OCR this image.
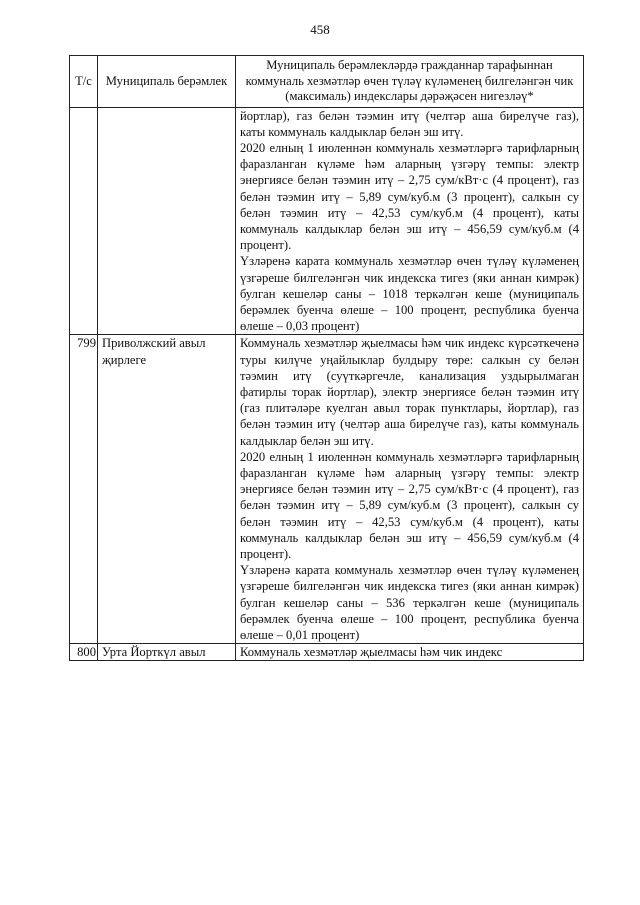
458
Т/с	Муниципаль берәмлек	Муниципаль берәмлекләрдә гражданнар тарафыннан коммуналь хезмәтләр өчен түләү күләменең билгеләнгән чик (максималь) индекслары дәрәҗәсен нигезләү*

		йортлар), газ белән тәэмин итү (челтәр аша бирелүче газ), каты коммуналь калдыклар белән эш итү.

2020 елның 1 июленнән коммуналь хезмәтләргә тарифларның фаразланган күләме һәм аларның үзгәрү темпы: электр энергиясе белән тәэмин итү – 2,75 сум/кВт·с (4 процент), газ белән тәэмин итү – 5,89 сум/куб.м (3 процент), салкын су белән тәэмин итү – 42,53 сум/куб.м (4 процент), каты коммуналь калдыклар белән эш итү – 456,59 сум/куб.м (4 процент).

Үзләренә карата коммуналь хезмәтләр өчен түләү күләменең үзгәреше билгеләнгән чик индекска тигез (яки аннан кимрәк) булган кешеләр саны – 1018 теркәлгән кеше (муниципаль берәмлек буенча өлеше – 100 процент, республика буенча өлеше – 0,03 процент)

799	Приволжский авыл җирлеге	Коммуналь хезмәтләр җыелмасы һәм чик индекс күрсәткеченә туры килүче уңайлыклар булдыру төре: салкын су белән тәэмин итү (суүткәргечле, канализация уздырылмаган фатирлы торак йортлар), электр энергиясе белән тәэмин итү (газ плитәләре куелган авыл торак пунктлары, йортлар), газ белән тәэмин итү (челтәр аша бирелүче газ), каты коммуналь калдыклар белән эш итү.

2020 елның 1 июленнән коммуналь хезмәтләргә тарифларның фаразланган күләме һәм аларның үзгәрү темпы: электр энергиясе белән тәэмин итү – 2,75 сум/кВт·с (4 процент), газ белән тәэмин итү – 5,89 сум/куб.м (3 процент), салкын су белән тәэмин итү – 42,53 сум/куб.м (4 процент), каты коммуналь калдыклар белән эш итү – 456,59 сум/куб.м (4 процент).

Үзләренә карата коммуналь хезмәтләр өчен түләү күләменең үзгәреше билгеләнгән чик индекска тигез (яки аннан кимрәк) булган кешеләр саны – 536 теркәлгән кеше (муниципаль берәмлек буенча өлеше – 100 процент, республика буенча өлеше – 0,01 процент)

800	Урта Йорткүл авыл	Коммуналь хезмәтләр җыелмасы һәм чик индекс
